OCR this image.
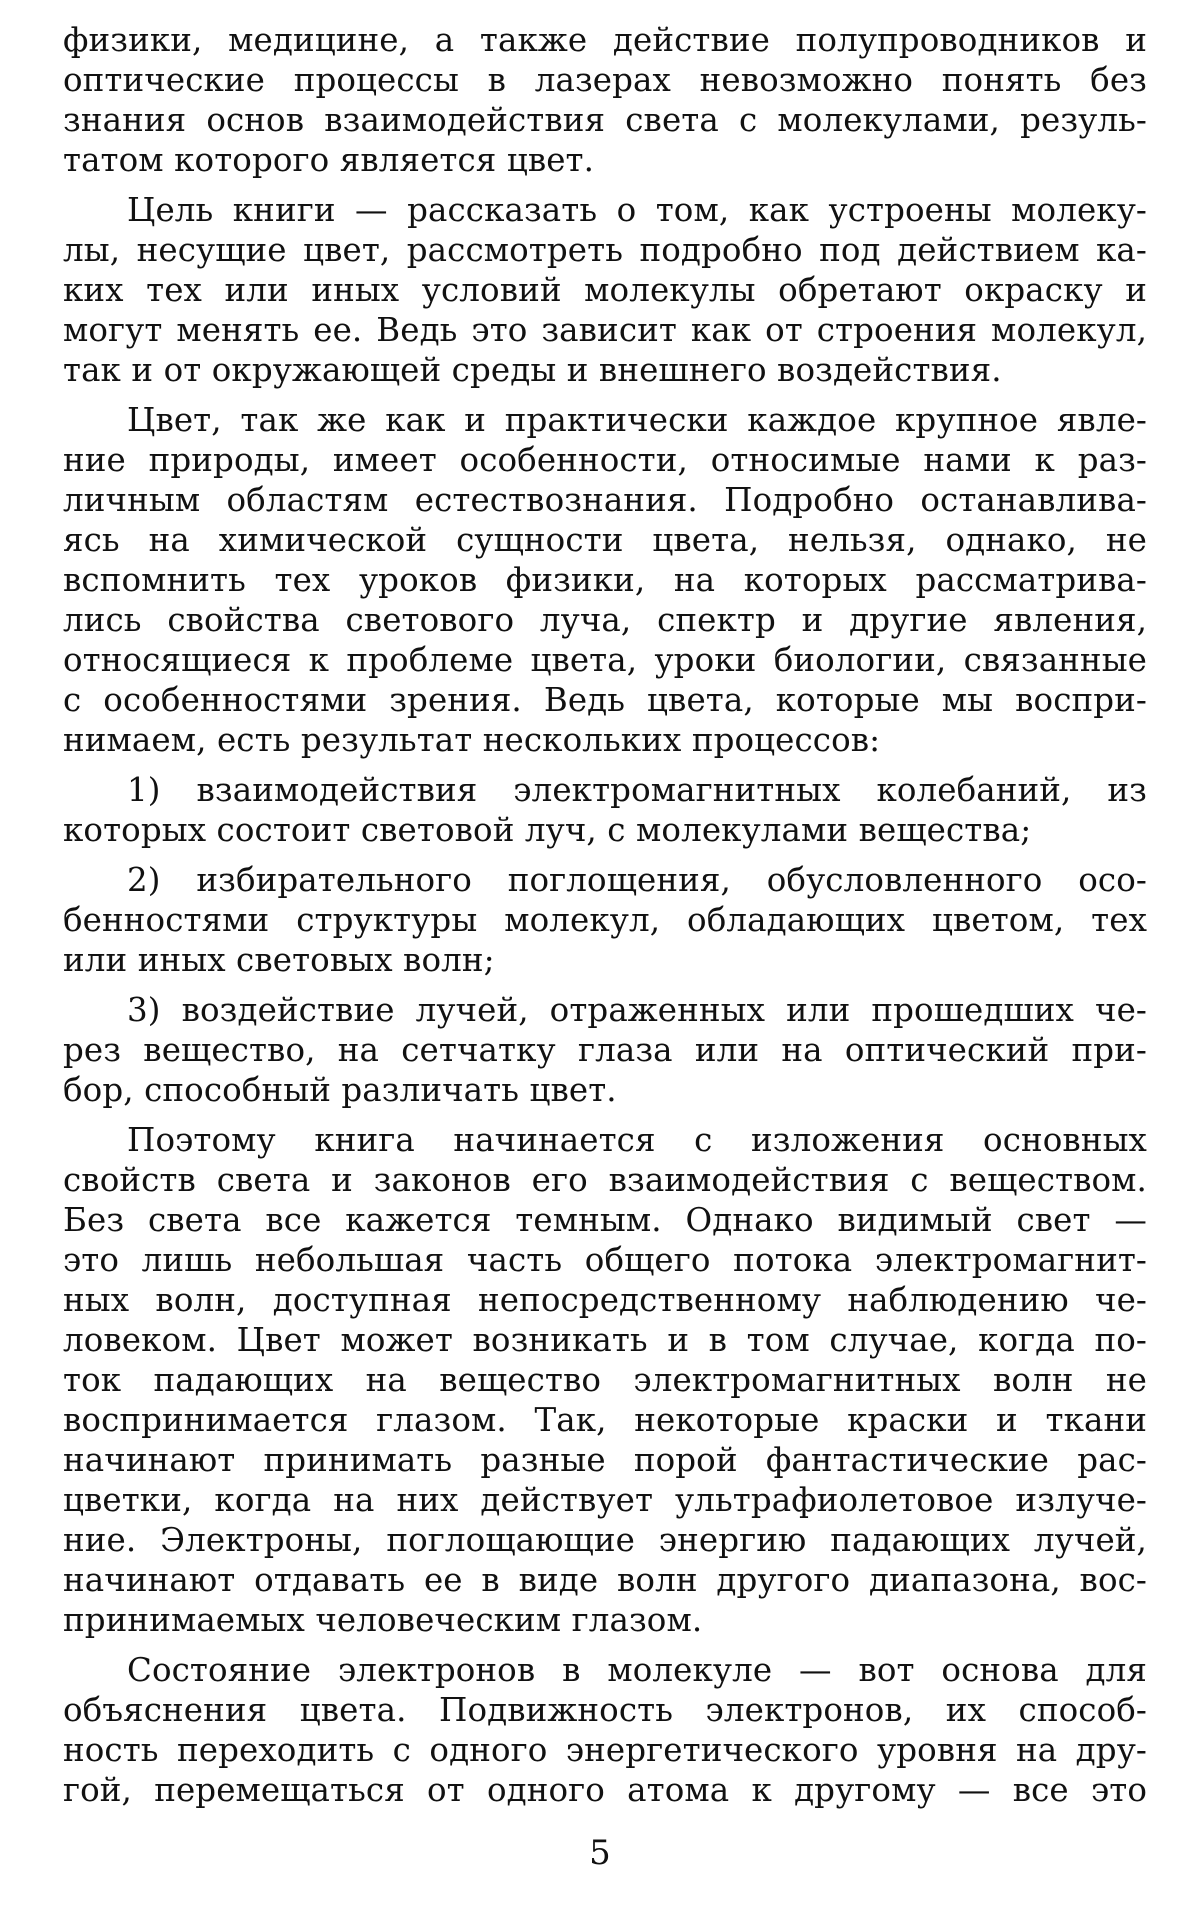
физики, медицине, а также действие полупроводников и
оптические процессы в лазерах невозможно понять без
знания основ взаимодействия света с молекулами, резуль-
татом которого является цвет.
Цель книги — рассказать о том, как устроены молеку-
лы, несущие цвет, рассмотреть подробно под действием ка-
ких тех или иных условий молекулы обретают окраску и
могут менять ее. Ведь это зависит как от строения молекул,
так и от окружающей среды и внешнего воздействия.
Цвет, так же как и практически каждое крупное явле-
ние природы, имеет особенности, относимые нами к раз-
личным областям естествознания. Подробно останавлива-
ясь на химической сущности цвета, нельзя, однако, не
вспомнить тех уроков физики, на которых рассматрива-
лись свойства светового луча, спектр и другие явления,
относящиеся к проблеме цвета, уроки биологии, связанные
с особенностями зрения. Ведь цвета, которые мы воспри-
нимаем, есть результат нескольких процессов:
1) взаимодействия электромагнитных колебаний, из
которых состоит световой луч, с молекулами вещества;
2) избирательного поглощения, обусловленного осо-
бенностями структуры молекул, обладающих цветом, тех
или иных световых волн;
3) воздействие лучей, отраженных или прошедших че-
рез вещество, на сетчатку глаза или на оптический при-
бор, способный различать цвет.
Поэтому книга начинается с изложения основных
свойств света и законов его взаимодействия с веществом.
Без света все кажется темным. Однако видимый свет —
это лишь небольшая часть общего потока электромагнит-
ных волн, доступная непосредственному наблюдению че-
ловеком. Цвет может возникать и в том случае, когда по-
ток падающих на вещество электромагнитных волн не
воспринимается глазом. Так, некоторые краски и ткани
начинают принимать разные порой фантастические рас-
цветки, когда на них действует ультрафиолетовое излуче-
ние. Электроны, поглощающие энергию падающих лучей,
начинают отдавать ее в виде волн другого диапазона, вос-
принимаемых человеческим глазом.
Состояние электронов в молекуле — вот основа для
объяснения цвета. Подвижность электронов, их способ-
ность переходить с одного энергетического уровня на дру-
гой, перемещаться от одного атома к другому — все это
5
